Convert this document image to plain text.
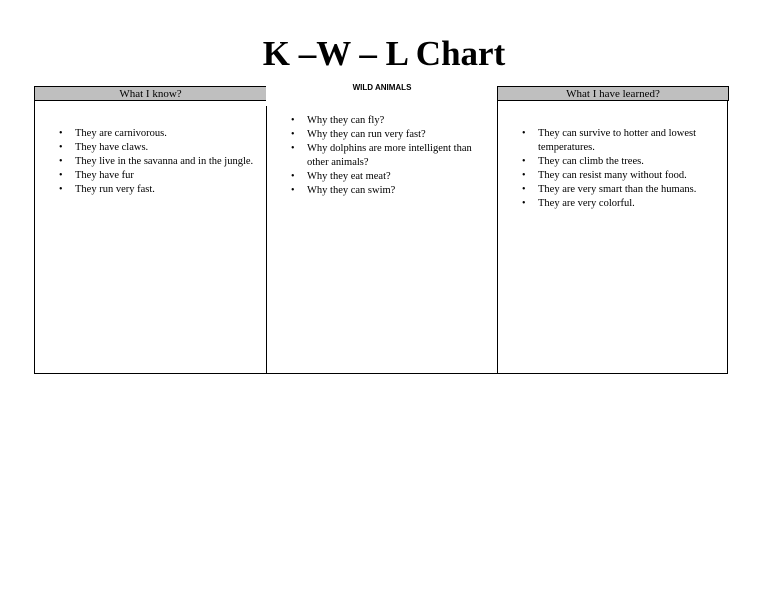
K –W – L Chart
WILD ANIMALS
What I know?
• They are carnivorous.
• They have claws.
• They live in the savanna and in the jungle.
• They have fur
• They run very fast.
• Why they can fly?
• Why they can run very fast?
• Why dolphins are more intelligent than other animals?
• Why they eat meat?
• Why they can swim?
What I have learned?
• They can survive to hotter and lowest temperatures.
• They can climb the trees.
• They can resist many without food.
• They are very smart than the humans.
• They are very colorful.
